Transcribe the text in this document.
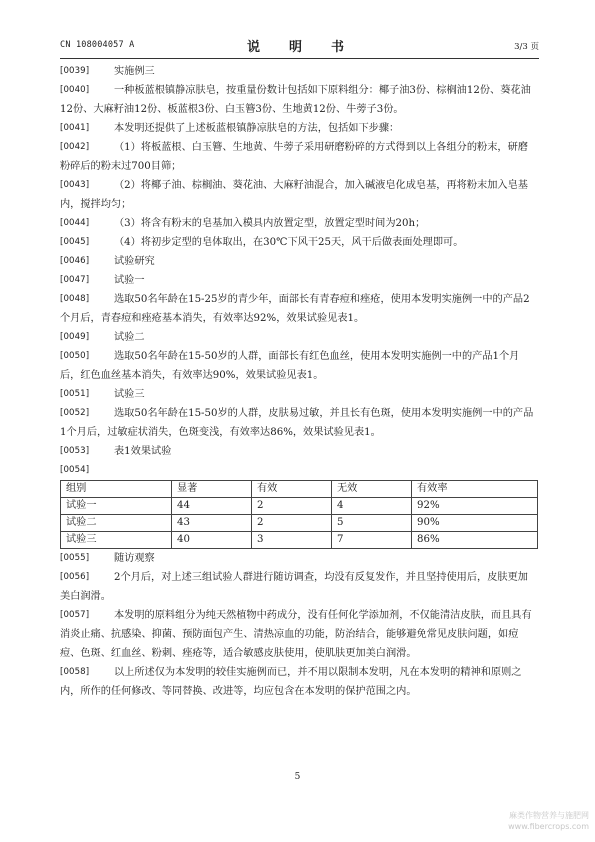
CN 108004057 A	说　明　书	3/3 页
[0039] 实施例三
[0040]	一种板蓝根镇静凉肤皂，按重量份数计包括如下原料组分：椰子油3份、棕榈油12份、葵花油12份、大麻籽油12份、板蓝根3份、白玉簪3份、生地黄12份、牛蒡子3份。
[0041] 本发明还提供了上述板蓝根镇静凉肤皂的方法，包括如下步骤：
[0042]	（1）将板蓝根、白玉簪、生地黄、牛蒡子采用研磨粉碎的方式得到以上各组分的粉末，研磨粉碎后的粉末过700目筛；
[0043]	（2）将椰子油、棕榈油、葵花油、大麻籽油混合，加入碱液皂化成皂基，再将粉末加入皂基内，搅拌均匀；
[0044] （3）将含有粉末的皂基加入模具内放置定型，放置定型时间为20h；
[0045] （4）将初步定型的皂体取出，在30℃下风干25天，风干后做表面处理即可。
[0046] 试验研究
[0047] 试验一
[0048]	选取50名年龄在15-25岁的青少年，面部长有青春痘和痤疮，使用本发明实施例一中的产品2个月后，青春痘和痤疮基本消失，有效率达92%，效果试验见表1。
[0049] 试验二
[0050]	选取50名年龄在15-50岁的人群，面部长有红色血丝，使用本发明实施例一中的产品1个月后，红色血丝基本消失，有效率达90%，效果试验见表1。
[0051] 试验三
[0052]	选取50名年龄在15-50岁的人群，皮肤易过敏，并且长有色斑，使用本发明实施例一中的产品1个月后，过敏症状消失，色斑变浅，有效率达86%，效果试验见表1。
[0053] 表1效果试验
[0054]

组别	显著	有效	无效	有效率
试验一	44	2	4	92%
试验二	43	2	5	90%
试验三	40	3	7	86%
[0055] 随访观察
[0056]	2个月后，对上述三组试验人群进行随访调查，均没有反复发作，并且坚持使用后，皮肤更加美白润滑。
[0057]	本发明的原料组分为纯天然植物中药成分，没有任何化学添加剂，不仅能清洁皮肤，而且具有消炎止痛、抗感染、抑菌、预防面包产生、清热凉血的功能，防治结合，能够避免常见皮肤问题，如痘痘、色斑、红血丝、粉刺、痤疮等，适合敏感皮肤使用，使肌肤更加美白润滑。
[0058]	以上所述仅为本发明的较佳实施例而已，并不用以限制本发明，凡在本发明的精神和原则之内，所作的任何修改、等同替换、改进等，均应包含在本发明的保护范围之内。
5
麻类作物营养与施肥网
www.fibercrops.com
